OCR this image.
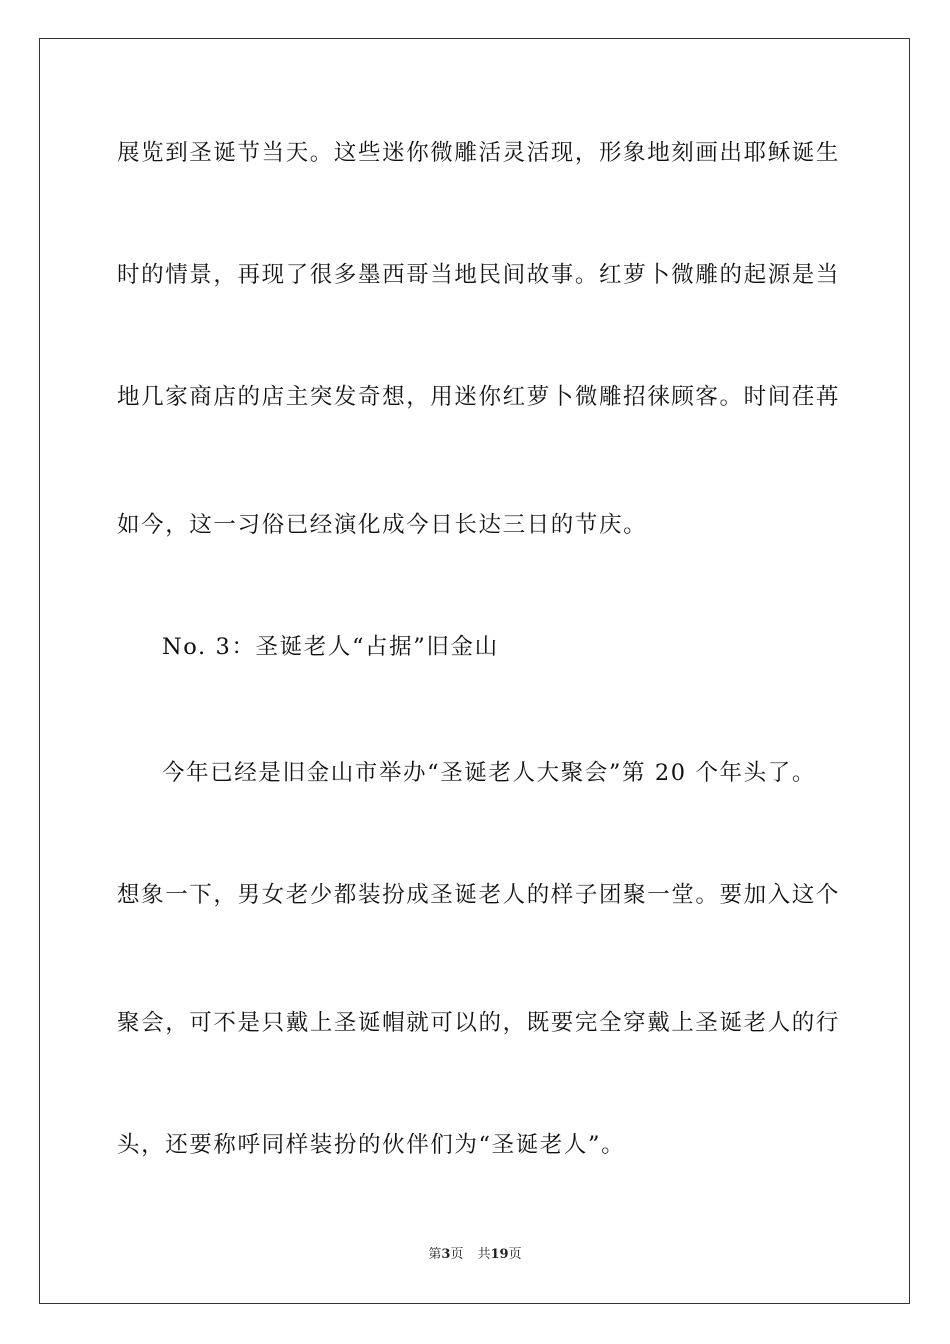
展览到圣诞节当天。这些迷你微雕活灵活现，形象地刻画出耶稣诞生
时的情景，再现了很多墨西哥当地民间故事。红萝卜微雕的起源是当
地几家商店的店主突发奇想，用迷你红萝卜微雕招徕顾客。时间荏苒
如今，这一习俗已经演化成今日长达三日的节庆。
No. 3：圣诞老人“占据”旧金山
今年已经是旧金山市举办“圣诞老人大聚会”第 20 个年头了。
想象一下，男女老少都装扮成圣诞老人的样子团聚一堂。要加入这个
聚会，可不是只戴上圣诞帽就可以的，既要完全穿戴上圣诞老人的行
头，还要称呼同样装扮的伙伴们为“圣诞老人”。
第3页 共19页
